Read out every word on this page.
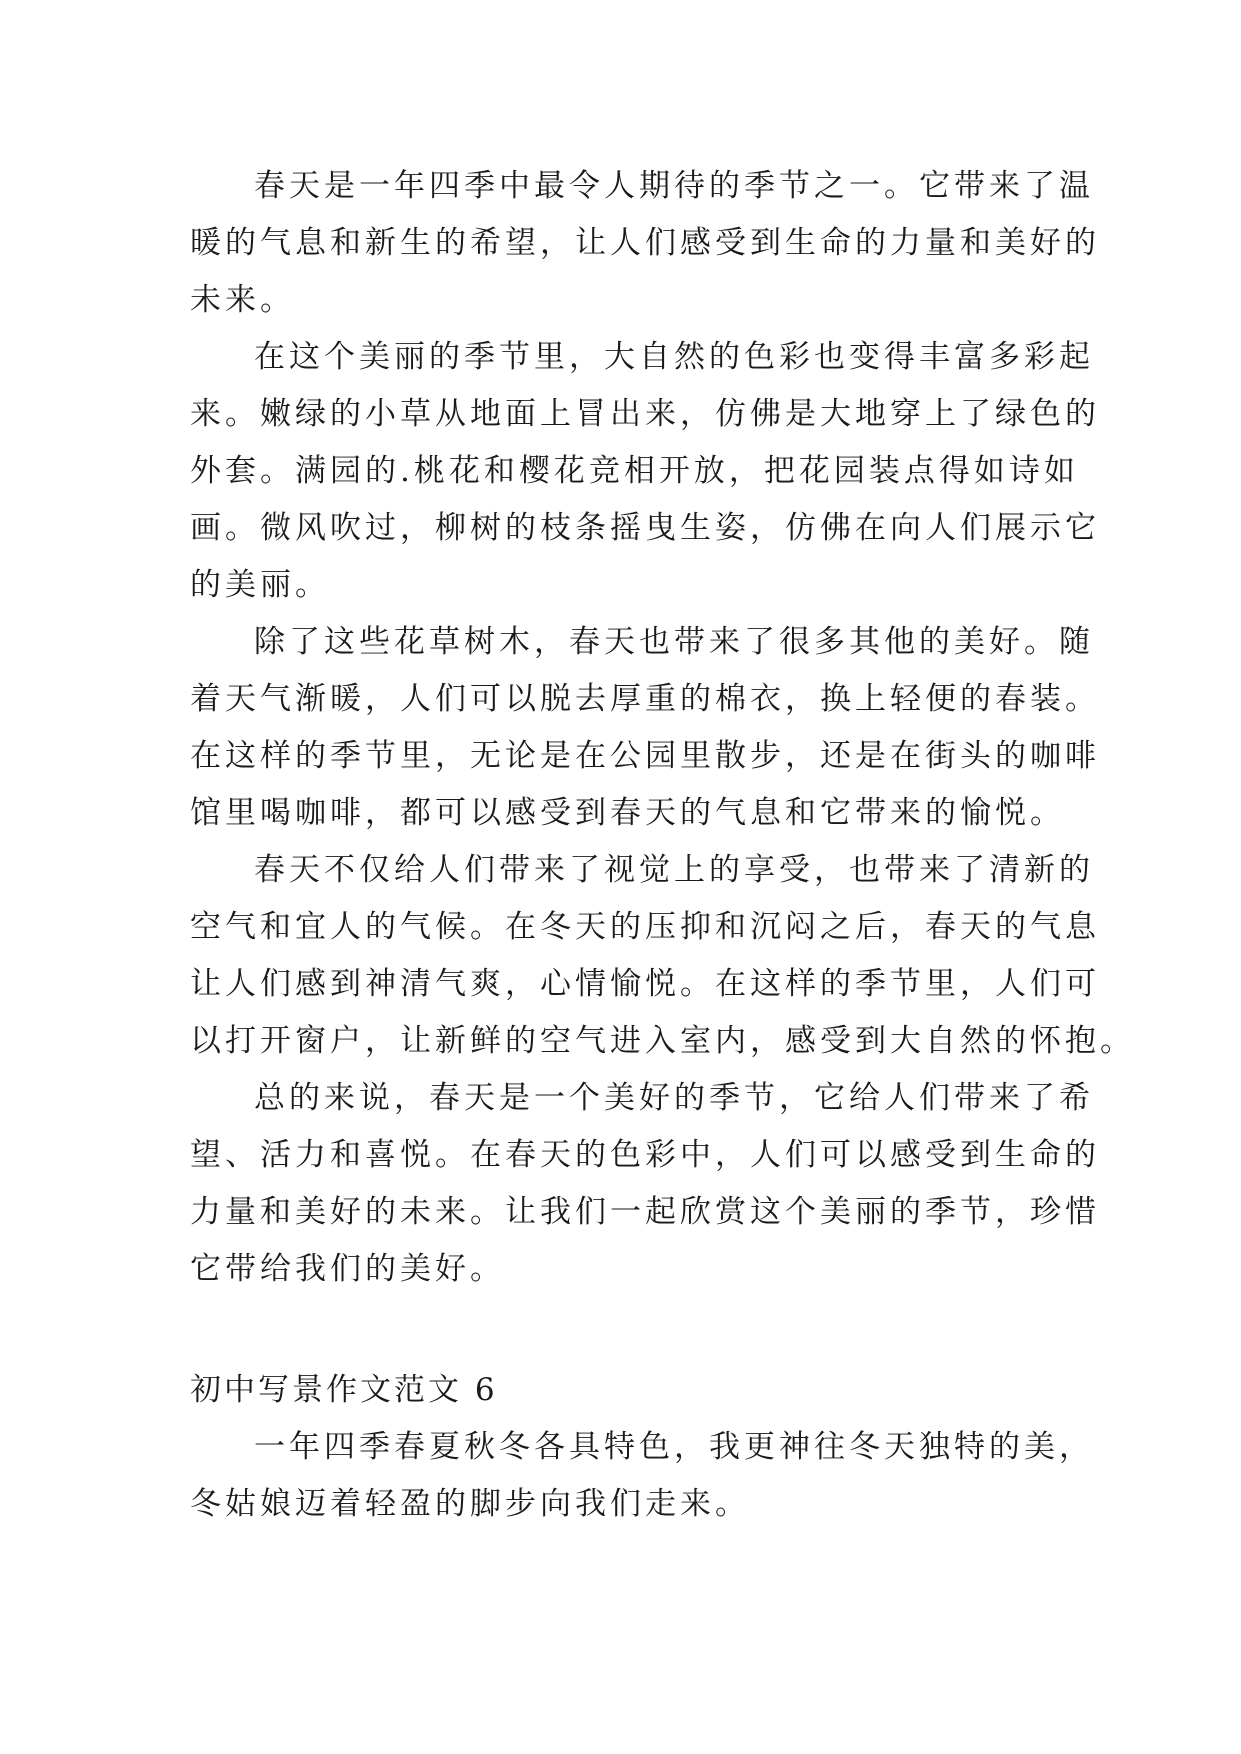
春天是一年四季中最令人期待的季节之一。它带来了温
暖的气息和新生的希望，让人们感受到生命的力量和美好的
未来。
在这个美丽的季节里，大自然的色彩也变得丰富多彩起
来。嫩绿的小草从地面上冒出来，仿佛是大地穿上了绿色的
外套。满园的.桃花和樱花竞相开放，把花园装点得如诗如
画。微风吹过，柳树的枝条摇曳生姿，仿佛在向人们展示它
的美丽。
除了这些花草树木，春天也带来了很多其他的美好。随
着天气渐暖，人们可以脱去厚重的棉衣，换上轻便的春装。
在这样的季节里，无论是在公园里散步，还是在街头的咖啡
馆里喝咖啡，都可以感受到春天的气息和它带来的愉悦。
春天不仅给人们带来了视觉上的享受，也带来了清新的
空气和宜人的气候。在冬天的压抑和沉闷之后，春天的气息
让人们感到神清气爽，心情愉悦。在这样的季节里，人们可
以打开窗户，让新鲜的空气进入室内，感受到大自然的怀抱。
总的来说，春天是一个美好的季节，它给人们带来了希
望、活力和喜悦。在春天的色彩中，人们可以感受到生命的
力量和美好的未来。让我们一起欣赏这个美丽的季节，珍惜
它带给我们的美好。
初中写景作文范文 6
一年四季春夏秋冬各具特色，我更神往冬天独特的美，
冬姑娘迈着轻盈的脚步向我们走来。
